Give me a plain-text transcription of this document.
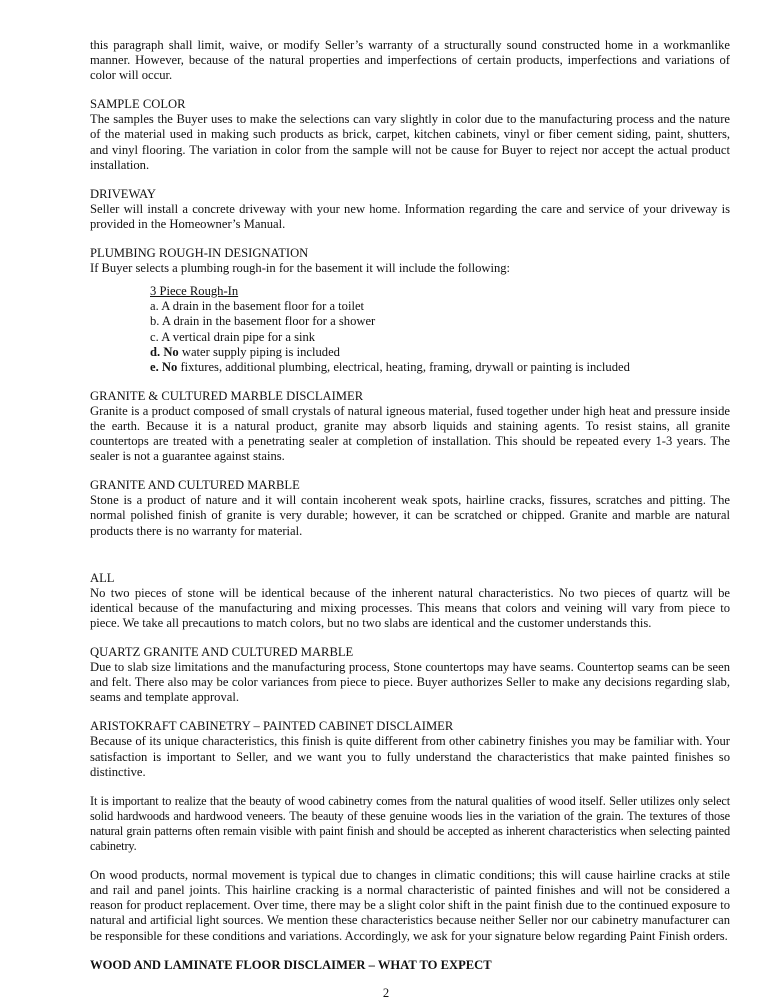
this paragraph shall limit, waive, or modify Seller’s warranty of a structurally sound constructed home in a workmanlike manner. However, because of the natural properties and imperfections of certain products, imperfections and variations of color will occur.

SAMPLE COLOR

The samples the Buyer uses to make the selections can vary slightly in color due to the manufacturing process and the nature of the material used in making such products as brick, carpet, kitchen cabinets, vinyl or fiber cement siding, paint, shutters, and vinyl flooring. The variation in color from the sample will not be cause for Buyer to reject nor accept the actual product installation.

DRIVEWAY

Seller will install a concrete driveway with your new home. Information regarding the care and service of your driveway is provided in the Homeowner’s Manual.

PLUMBING ROUGH-IN DESIGNATION

If Buyer selects a plumbing rough-in for the basement it will include the following:

3 Piece Rough-In
a. A drain in the basement floor for a toilet
b. A drain in the basement floor for a shower
c. A vertical drain pipe for a sink
d. No water supply piping is included
e. No fixtures, additional plumbing, electrical, heating, framing, drywall or painting is included
GRANITE & CULTURED MARBLE DISCLAIMER

Granite is a product composed of small crystals of natural igneous material, fused together under high heat and pressure inside the earth. Because it is a natural product, granite may absorb liquids and staining agents. To resist stains, all granite countertops are treated with a penetrating sealer at completion of installation. This should be repeated every 1-3 years. The sealer is not a guarantee against stains.

GRANITE AND CULTURED MARBLE

Stone is a product of nature and it will contain incoherent weak spots, hairline cracks, fissures, scratches and pitting. The normal polished finish of granite is very durable; however, it can be scratched or chipped. Granite and marble are natural products there is no warranty for material.

ALL

No two pieces of stone will be identical because of the inherent natural characteristics. No two pieces of quartz will be identical because of the manufacturing and mixing processes. This means that colors and veining will vary from piece to piece. We take all precautions to match colors, but no two slabs are identical and the customer understands this.

QUARTZ GRANITE AND CULTURED MARBLE

Due to slab size limitations and the manufacturing process, Stone countertops may have seams. Countertop seams can be seen and felt. There also may be color variances from piece to piece. Buyer authorizes Seller to make any decisions regarding slab, seams and template approval.

ARISTOKRAFT CABINETRY – PAINTED CABINET DISCLAIMER

Because of its unique characteristics, this finish is quite different from other cabinetry finishes you may be familiar with. Your satisfaction is important to Seller, and we want you to fully understand the characteristics that make painted finishes so distinctive.

It is important to realize that the beauty of wood cabinetry comes from the natural qualities of wood itself. Seller utilizes only select solid hardwoods and hardwood veneers. The beauty of these genuine woods lies in the variation of the grain. The textures of those natural grain patterns often remain visible with paint finish and should be accepted as inherent characteristics when selecting painted cabinetry.

On wood products, normal movement is typical due to changes in climatic conditions; this will cause hairline cracks at stile and rail and panel joints. This hairline cracking is a normal characteristic of painted finishes and will not be considered a reason for product replacement. Over time, there may be a slight color shift in the paint finish due to the continued exposure to natural and artificial light sources. We mention these characteristics because neither Seller nor our cabinetry manufacturer can be responsible for these conditions and variations. Accordingly, we ask for your signature below regarding Paint Finish orders.

WOOD AND LAMINATE FLOOR DISCLAIMER – WHAT TO EXPECT
2
